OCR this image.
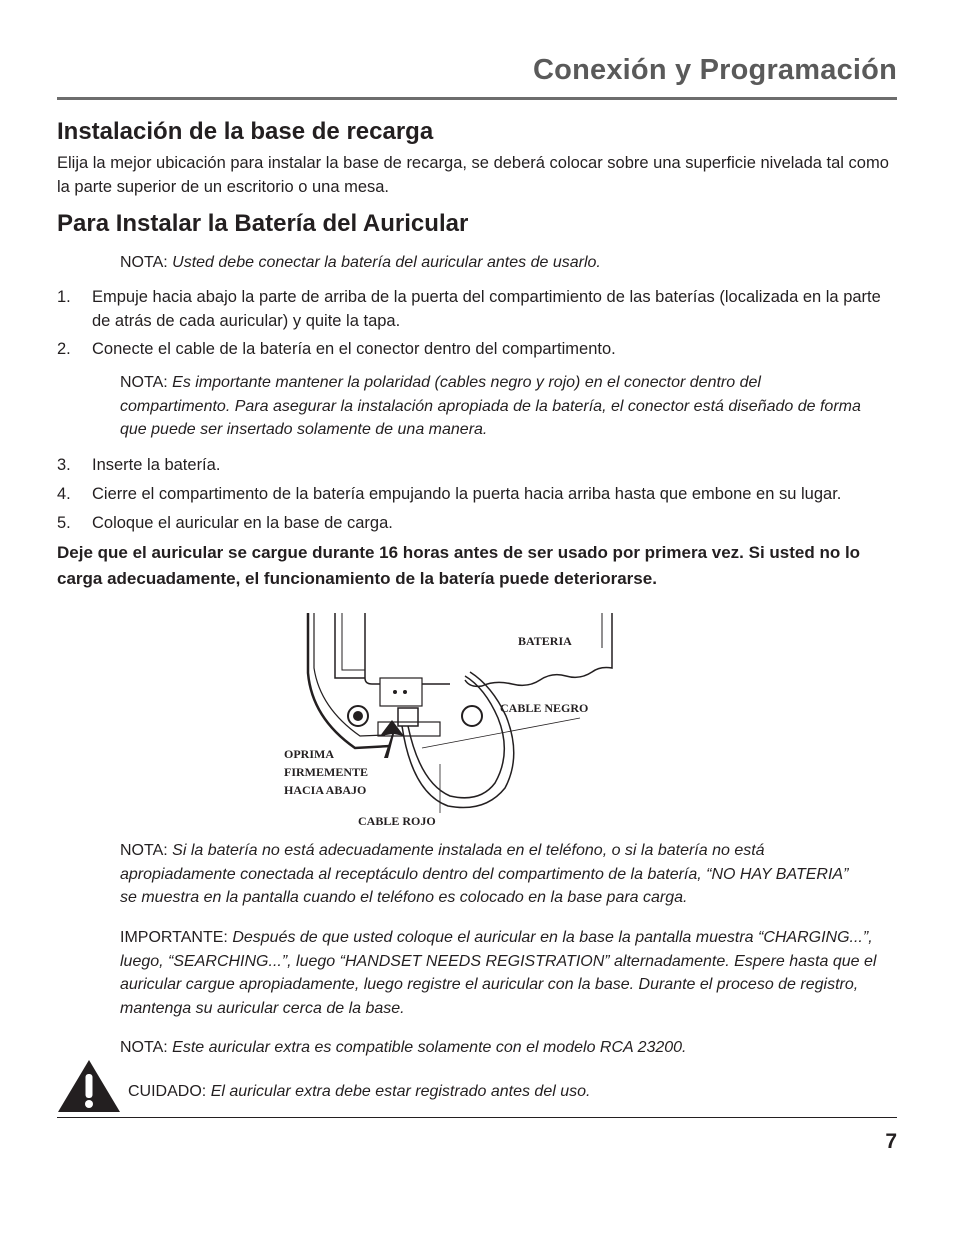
Conexión y Programación
Instalación de la base de recarga
Elija la mejor ubicación para instalar la base de recarga, se deberá colocar sobre una superficie nivelada tal como la parte superior de un escritorio o una mesa.
Para Instalar la Batería del Auricular
NOTA: Usted debe conectar la batería del auricular antes de usarlo.
1.	Empuje hacia abajo la parte de arriba de la puerta del compartimiento de las baterías (localizada en la parte de atrás de cada auricular) y quite la tapa.
2.	Conecte el cable de la batería en el conector dentro del compartimento.
NOTA: Es importante mantener la polaridad (cables negro y rojo) en el conector dentro del compartimento. Para asegurar la instalación apropiada de la batería, el conector está diseñado de forma que puede ser insertado solamente de una manera.
3.	Inserte la batería.
4.	Cierre el compartimento de la batería empujando la puerta hacia arriba hasta que embone en su lugar.
5.	Coloque el auricular en la base de carga.
Deje que el auricular se cargue durante 16 horas antes de ser usado por primera vez. Si usted no lo carga adecuadamente, el funcionamiento de la batería puede deteriorarse.
BATERIA
CABLE NEGRO
OPRIMA
FIRMEMENTE
HACIA ABAJO
CABLE ROJO
NOTA: Si la batería no está adecuadamente instalada en el teléfono, o si la batería no está apropiadamente conectada al receptáculo dentro del compartimento de la batería, “NO HAY BATERIA” se muestra en la pantalla cuando el teléfono es colocado en la base para carga.
IMPORTANTE: Después de que usted coloque el auricular en la base la pantalla muestra “CHARGING...”, luego, “SEARCHING...”, luego “HANDSET NEEDS REGISTRATION” alternadamente. Espere hasta que el auricular cargue apropiadamente, luego registre el auricular con la base. Durante el proceso de registro, mantenga su auricular cerca de la base.
NOTA: Este auricular extra es compatible solamente con el modelo RCA 23200.
CUIDADO: El auricular extra debe estar registrado antes del uso.
7
